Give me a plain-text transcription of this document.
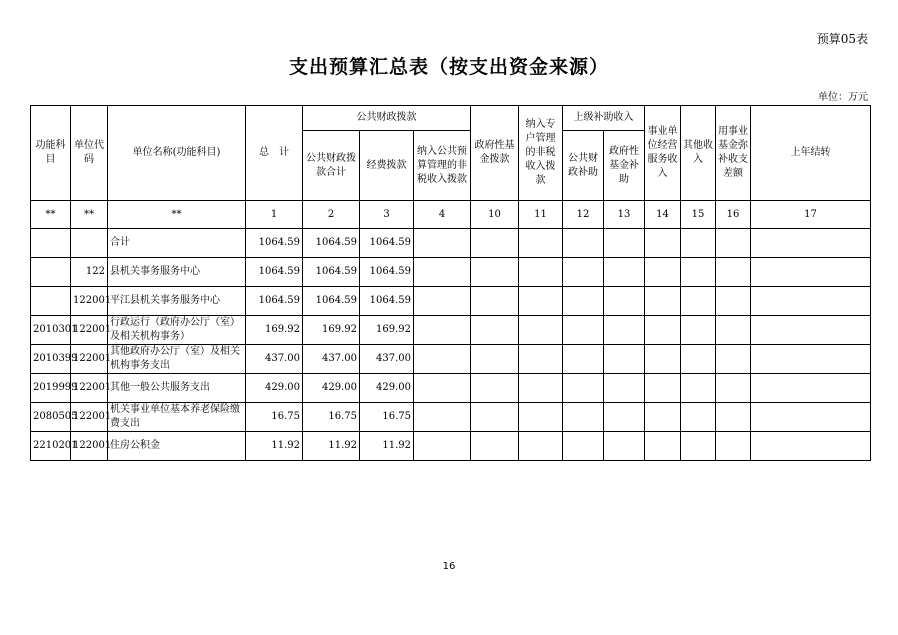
预算05表
支出预算汇总表（按支出资金来源）
单位：万元
功能科目	单位代码	单位名称(功能科目)	总　计	公共财政拨款			政府性基金拨款	纳入专户管理的非税收入拨款	上级补助收入		事业单位经营服务收入	其他收入	用事业基金弥补收支差额	上年结转
				公共财政拨款合计	经费拨款	纳入公共预算管理的非税收入拨款			公共财政补助	政府性基金补助				
**	**	**	1	2	3	4	10	11	12	13	14	15	16	17
		合计	1064.59	1064.59	1064.59									
	122	县机关事务服务中心	1064.59	1064.59	1064.59									
	122001	平江县机关事务服务中心	1064.59	1064.59	1064.59									
2010301	122001	行政运行（政府办公厅（室）及相关机构事务）	169.92	169.92	169.92									
2010399	122001	其他政府办公厅（室）及相关机构事务支出	437.00	437.00	437.00									
2019999	122001	其他一般公共服务支出	429.00	429.00	429.00									
2080505	122001	机关事业单位基本养老保险缴费支出	16.75	16.75	16.75									
2210201	122001	住房公积金	11.92	11.92	11.92									
16
